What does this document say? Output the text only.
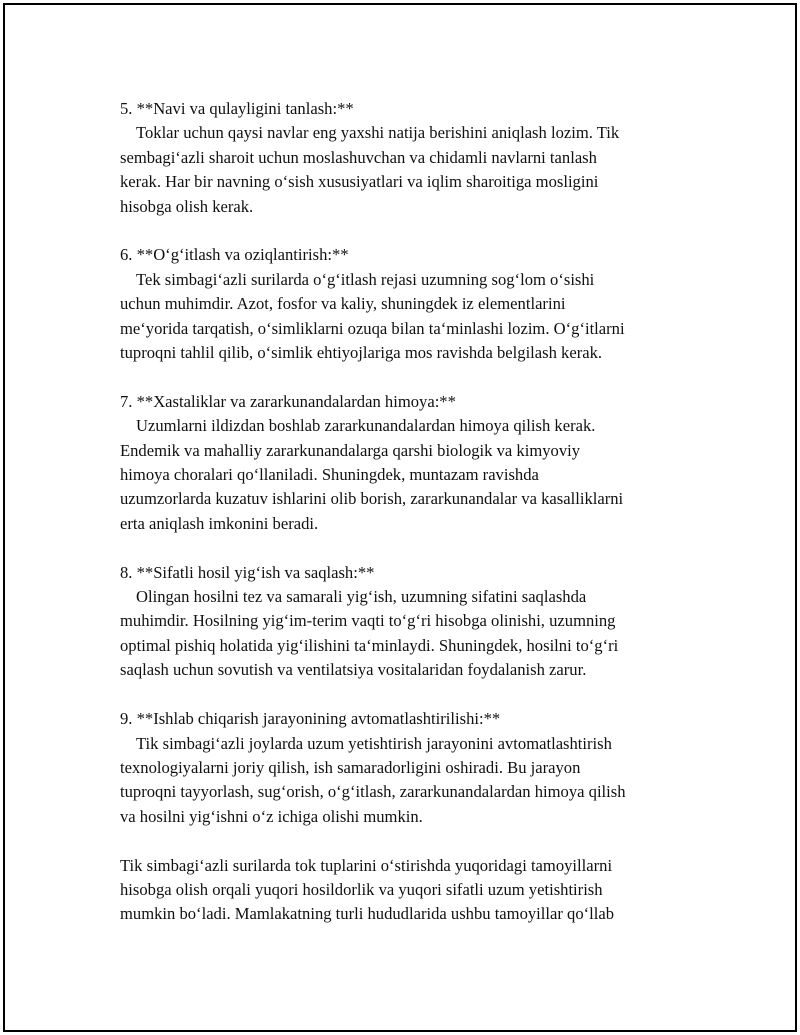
5. **Navi va qulayligini tanlash:**
Toklar uchun qaysi navlar eng yaxshi natija berishini aniqlash lozim. Tik
sembagi‘azli sharoit uchun moslashuvchan va chidamli navlarni tanlash
kerak. Har bir navning o‘sish xususiyatlari va iqlim sharoitiga mosligini
hisobga olish kerak.
6. **O‘g‘itlash va oziqlantirish:**
Tek simbagi‘azli surilarda o‘g‘itlash rejasi uzumning sog‘lom o‘sishi
uchun muhimdir. Azot, fosfor va kaliy, shuningdek iz elementlarini
me‘yorida tarqatish, o‘simliklarni ozuqa bilan ta‘minlashi lozim. O‘g‘itlarni
tuproqni tahlil qilib, o‘simlik ehtiyojlariga mos ravishda belgilash kerak.
7. **Xastaliklar va zararkunandalardan himoya:**
Uzumlarni ildizdan boshlab zararkunandalardan himoya qilish kerak.
Endemik va mahalliy zararkunandalarga qarshi biologik va kimyoviy
himoya choralari qo‘llaniladi. Shuningdek, muntazam ravishda
uzumzorlarda kuzatuv ishlarini olib borish, zararkunandalar va kasalliklarni
erta aniqlash imkonini beradi.
8. **Sifatli hosil yig‘ish va saqlash:**
Olingan hosilni tez va samarali yig‘ish, uzumning sifatini saqlashda
muhimdir. Hosilning yig‘im-terim vaqti to‘g‘ri hisobga olinishi, uzumning
optimal pishiq holatida yig‘ilishini ta‘minlaydi. Shuningdek, hosilni to‘g‘ri
saqlash uchun sovutish va ventilatsiya vositalaridan foydalanish zarur.
9. **Ishlab chiqarish jarayonining avtomatlashtirilishi:**
Tik simbagi‘azli joylarda uzum yetishtirish jarayonini avtomatlashtirish
texnologiyalarni joriy qilish, ish samaradorligini oshiradi. Bu jarayon
tuproqni tayyorlash, sug‘orish, o‘g‘itlash, zararkunandalardan himoya qilish
va hosilni yig‘ishni o‘z ichiga olishi mumkin.
Tik simbagi‘azli surilarda tok tuplarini o‘stirishda yuqoridagi tamoyillarni
hisobga olish orqali yuqori hosildorlik va yuqori sifatli uzum yetishtirish
mumkin bo‘ladi. Mamlakatning turli hududlarida ushbu tamoyillar qo‘llab
